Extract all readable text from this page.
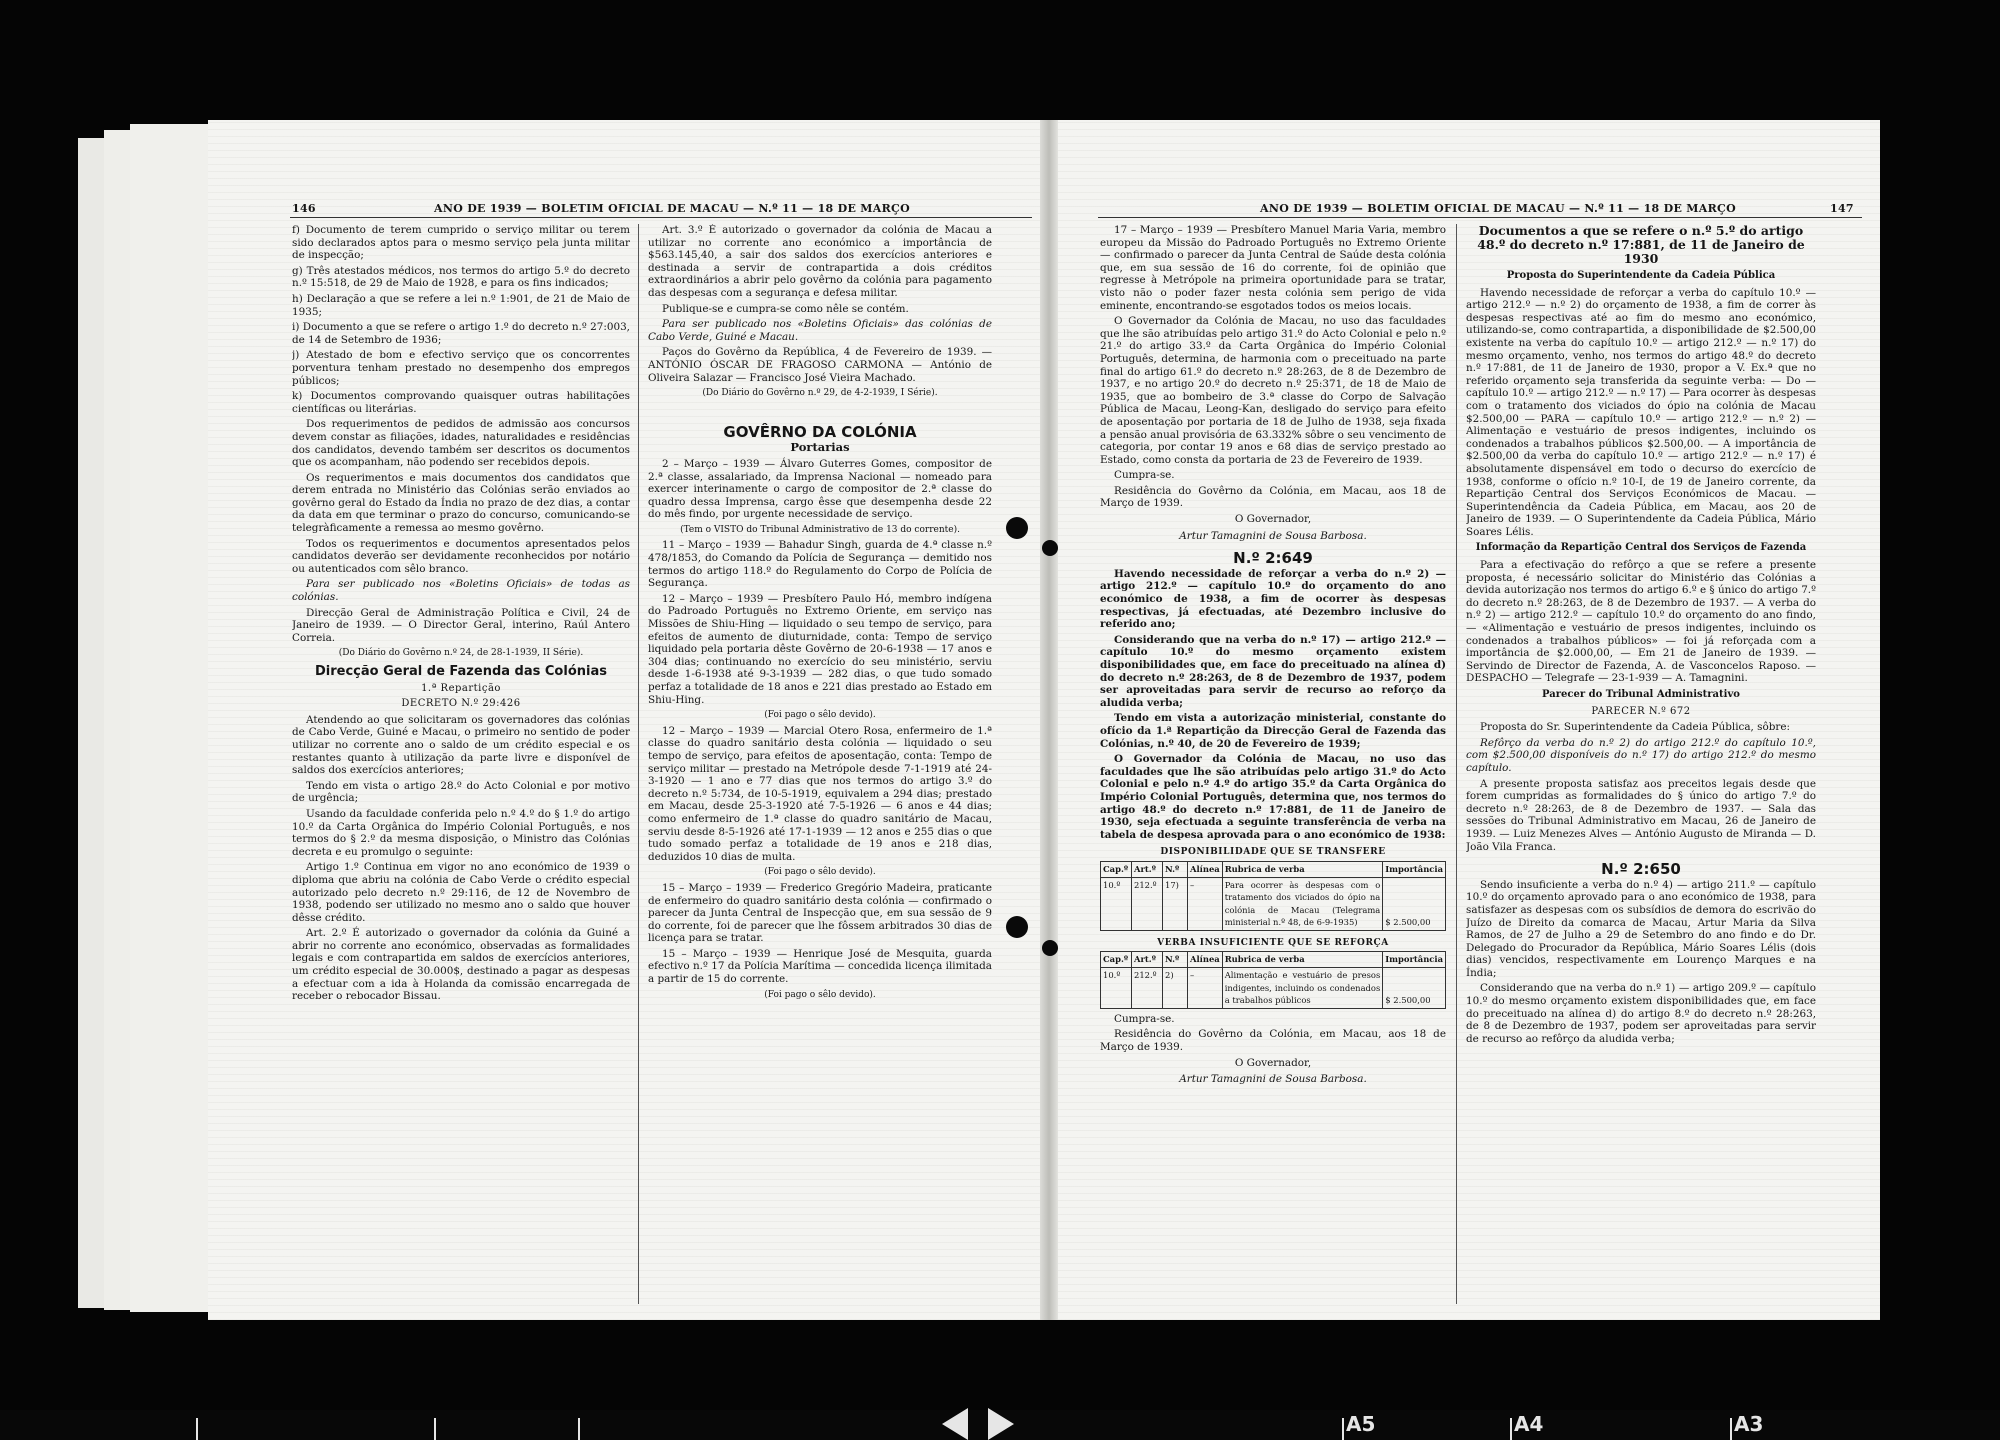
146	ANO DE 1939 — BOLETIM OFICIAL DE MACAU — N.º 11 — 18 DE MARÇO

f) Documento de terem cumprido o serviço militar ou terem sido declarados aptos para o mesmo serviço pela junta militar de inspecção;

g) Três atestados médicos, nos termos do artigo 5.º do decreto n.º 15:518, de 29 de Maio de 1928, e para os fins indicados;

h) Declaração a que se refere a lei n.º 1:901, de 21 de Maio de 1935;

i) Documento a que se refere o artigo 1.º do decreto n.º 27:003, de 14 de Setembro de 1936;

j) Atestado de bom e efectivo serviço que os concorrentes porventura tenham prestado no desempenho dos empregos públicos;

k) Documentos comprovando quaisquer outras habilitações científicas ou literárias.

Dos requerimentos de pedidos de admissão aos concursos devem constar as filiações, idades, naturalidades e residências dos candidatos, devendo também ser descritos os documentos que os acompanham, não podendo ser recebidos depois.

Os requerimentos e mais documentos dos candidatos que derem entrada no Ministério das Colónias serão enviados ao govêrno geral do Estado da Índia no prazo de dez dias, a contar da data em que terminar o prazo do concurso, comunicando-se telegràficamente a remessa ao mesmo govêrno.

Todos os requerimentos e documentos apresentados pelos candidatos deverão ser devidamente reconhecidos por notário ou autenticados com sêlo branco.

Para ser publicado nos «Boletins Oficiais» de todas as colónias.

Direcção Geral de Administração Política e Civil, 24 de Janeiro de 1939. — O Director Geral, interino, Raúl Antero Correia.

(Do Diário do Govêrno n.º 24, de 28-1-1939, II Série).

Direcção Geral de Fazenda das Colónias
1.ª Repartição
DECRETO N.º 29:426

Atendendo ao que solicitaram os governadores das colónias de Cabo Verde, Guiné e Macau, o primeiro no sentido de poder utilizar no corrente ano o saldo de um crédito especial e os restantes quanto à utilização da parte livre e disponível de saldos dos exercícios anteriores;

Tendo em vista o artigo 28.º do Acto Colonial e por motivo de urgência;

Usando da faculdade conferida pelo n.º 4.º do § 1.º do artigo 10.º da Carta Orgânica do Império Colonial Português, e nos termos do § 2.º da mesma disposição, o Ministro das Colónias decreta e eu promulgo o seguinte:

Artigo 1.º Continua em vigor no ano económico de 1939 o diploma que abriu na colónia de Cabo Verde o crédito especial autorizado pelo decreto n.º 29:116, de 12 de Novembro de 1938, podendo ser utilizado no mesmo ano o saldo que houver dêsse crédito.

Art. 2.º É autorizado o governador da colónia da Guiné a abrir no corrente ano económico, observadas as formalidades legais e com contrapartida em saldos de exercícios anteriores, um crédito especial de 30.000$, destinado a pagar as despesas a efectuar com a ida à Holanda da comissão encarregada de receber o rebocador Bissau.

Art. 3.º É autorizado o governador da colónia de Macau a utilizar no corrente ano económico a importância de $563.145,40, a sair dos saldos dos exercícios anteriores e destinada a servir de contrapartida a dois créditos extraordinários a abrir pelo govêrno da colónia para pagamento das despesas com a segurança e defesa militar.

Publique-se e cumpra-se como nêle se contém.

Para ser publicado nos «Boletins Oficiais» das colónias de Cabo Verde, Guiné e Macau.

Paços do Govêrno da República, 4 de Fevereiro de 1939. — ANTÓNIO ÓSCAR DE FRAGOSO CARMONA — António de Oliveira Salazar — Francisco José Vieira Machado.

(Do Diário do Govêrno n.º 29, de 4-2-1939, I Série).

GOVÊRNO DA COLÓNIA
Portarias

2 – Março – 1939 — Álvaro Guterres Gomes, compositor de 2.ª classe, assalariado, da Imprensa Nacional — nomeado para exercer interinamente o cargo de compositor de 2.ª classe do quadro dessa Imprensa, cargo êsse que desempenha desde 22 do mês findo, por urgente necessidade de serviço.

(Tem o VISTO do Tribunal Administrativo de 13 do corrente).

11 – Março – 1939 — Bahadur Singh, guarda de 4.ª classe n.º 478/1853, do Comando da Polícia de Segurança — demitido nos termos do artigo 118.º do Regulamento do Corpo de Polícia de Segurança.

12 – Março – 1939 — Presbítero Paulo Hó, membro indígena do Padroado Português no Extremo Oriente, em serviço nas Missões de Shiu-Hing — liquidado o seu tempo de serviço, para efeitos de aumento de diuturnidade, conta: Tempo de serviço liquidado pela portaria dêste Govêrno de 20-6-1938 — 17 anos e 304 dias; continuando no exercício do seu ministério, serviu desde 1-6-1938 até 9-3-1939 — 282 dias, o que tudo somado perfaz a totalidade de 18 anos e 221 dias prestado ao Estado em Shiu-Hing.

(Foi pago o sêlo devido).

12 – Março – 1939 — Marcial Otero Rosa, enfermeiro de 1.ª classe do quadro sanitário desta colónia — liquidado o seu tempo de serviço, para efeitos de aposentação, conta: Tempo de serviço militar — prestado na Metrópole desde 7-1-1919 até 24-3-1920 — 1 ano e 77 dias que nos termos do artigo 3.º do decreto n.º 5:734, de 10-5-1919, equivalem a 294 dias; prestado em Macau, desde 25-3-1920 até 7-5-1926 — 6 anos e 44 dias; como enfermeiro de 1.ª classe do quadro sanitário de Macau, serviu desde 8-5-1926 até 17-1-1939 — 12 anos e 255 dias o que tudo somado perfaz a totalidade de 19 anos e 218 dias, deduzidos 10 dias de multa.

(Foi pago o sêlo devido).

15 – Março – 1939 — Frederico Gregório Madeira, praticante de enfermeiro do quadro sanitário desta colónia — confirmado o parecer da Junta Central de Inspecção que, em sua sessão de 9 do corrente, foi de parecer que lhe fôssem arbitrados 30 dias de licença para se tratar.

15 – Março – 1939 — Henrique José de Mesquita, guarda efectivo n.º 17 da Polícia Marítima — concedida licença ilimitada a partir de 15 do corrente.

(Foi pago o sêlo devido).

ANO DE 1939 — BOLETIM OFICIAL DE MACAU — N.º 11 — 18 DE MARÇO	147

17 – Março – 1939 — Presbítero Manuel Maria Varia, membro europeu da Missão do Padroado Português no Extremo Oriente — confirmado o parecer da Junta Central de Saúde desta colónia que, em sua sessão de 16 do corrente, foi de opinião que regresse à Metrópole na primeira oportunidade para se tratar, visto não o poder fazer nesta colónia sem perigo de vida eminente, encontrando-se esgotados todos os meios locais.

O Governador da Colónia de Macau, no uso das faculdades que lhe são atribuídas pelo artigo 31.º do Acto Colonial e pelo n.º 21.º do artigo 33.º da Carta Orgânica do Império Colonial Português, determina, de harmonia com o preceituado na parte final do artigo 61.º do decreto n.º 28:263, de 8 de Dezembro de 1937, e no artigo 20.º do decreto n.º 25:371, de 18 de Maio de 1935, que ao bombeiro de 3.ª classe do Corpo de Salvação Pública de Macau, Leong-Kan, desligado do serviço para efeito de aposentação por portaria de 18 de Julho de 1938, seja fixada a pensão anual provisória de 63.332% sôbre o seu vencimento de categoria, por contar 19 anos e 68 dias de serviço prestado ao Estado, como consta da portaria de 23 de Fevereiro de 1939.

Cumpra-se.

Residência do Govêrno da Colónia, em Macau, aos 18 de Março de 1939.

O Governador,

Artur Tamagnini de Sousa Barbosa.

N.º 2:649

Havendo necessidade de reforçar a verba do n.º 2) — artigo 212.º — capítulo 10.º do orçamento do ano económico de 1938, a fim de ocorrer às despesas respectivas, já efectuadas, até Dezembro inclusive do referido ano;

Considerando que na verba do n.º 17) — artigo 212.º — capítulo 10.º do mesmo orçamento existem disponibilidades que, em face do preceituado na alínea d) do decreto n.º 28:263, de 8 de Dezembro de 1937, podem ser aproveitadas para servir de recurso ao reforço da aludida verba;

Tendo em vista a autorização ministerial, constante do ofício da 1.ª Repartição da Direcção Geral de Fazenda das Colónias, n.º 40, de 20 de Fevereiro de 1939;

O Governador da Colónia de Macau, no uso das faculdades que lhe são atribuídas pelo artigo 31.º do Acto Colonial e pelo n.º 4.º do artigo 35.º da Carta Orgânica do Império Colonial Português, determina que, nos termos do artigo 48.º do decreto n.º 17:881, de 11 de Janeiro de 1930, seja efectuada a seguinte transferência de verba na tabela de despesa aprovada para o ano económico de 1938:

DISPONIBILIDADE QUE SE TRANSFERE
Cap.º	Art.º	N.º	Alínea	Rubrica de verba	Importância
10.º	212.º	17)	–	Para ocorrer às despesas com o tratamento dos viciados do ópio na colónia de Macau (Telegrama ministerial n.º 48, de 6-9-1935)	$ 2.500,00
VERBA INSUFICIENTE QUE SE REFORÇA
Cap.º	Art.º	N.º	Alínea	Rubrica de verba	Importância
10.º	212.º	2)	–	Alimentação e vestuário de presos indigentes, incluindo os condenados a trabalhos públicos	$ 2.500,00

Cumpra-se.

Residência do Govêrno da Colónia, em Macau, aos 18 de Março de 1939.

O Governador,

Artur Tamagnini de Sousa Barbosa.

Documentos a que se refere o n.º 5.º do artigo 48.º do decreto n.º 17:881, de 11 de Janeiro de 1930
Proposta do Superintendente da Cadeia Pública

Havendo necessidade de reforçar a verba do capítulo 10.º — artigo 212.º — n.º 2) do orçamento de 1938, a fim de correr às despesas respectivas até ao fim do mesmo ano económico, utilizando-se, como contrapartida, a disponibilidade de $2.500,00 existente na verba do capítulo 10.º — artigo 212.º — n.º 17) do mesmo orçamento, venho, nos termos do artigo 48.º do decreto n.º 17:881, de 11 de Janeiro de 1930, propor a V. Ex.ª que no referido orçamento seja transferida da seguinte verba: — Do — capítulo 10.º — artigo 212.º — n.º 17) — Para ocorrer às despesas com o tratamento dos viciados do ópio na colónia de Macau $2.500,00 — PARA — capítulo 10.º — artigo 212.º — n.º 2) — Alimentação e vestuário de presos indigentes, incluindo os condenados a trabalhos públicos $2.500,00. — A importância de $2.500,00 da verba do capítulo 10.º — artigo 212.º — n.º 17) é absolutamente dispensável em todo o decurso do exercício de 1938, conforme o ofício n.º 10-I, de 19 de Janeiro corrente, da Repartição Central dos Serviços Económicos de Macau. — Superintendência da Cadeia Pública, em Macau, aos 20 de Janeiro de 1939. — O Superintendente da Cadeia Pública, Mário Soares Lélis.

Informação da Repartição Central dos Serviços de Fazenda

Para a efectivação do refôrço a que se refere a presente proposta, é necessário solicitar do Ministério das Colónias a devida autorização nos termos do artigo 6.º e § único do artigo 7.º do decreto n.º 28:263, de 8 de Dezembro de 1937. — A verba do n.º 2) — artigo 212.º — capítulo 10.º do orçamento do ano findo, — «Alimentação e vestuário de presos indigentes, incluindo os condenados a trabalhos públicos» — foi já reforçada com a importância de $2.000,00, — Em 21 de Janeiro de 1939. — Servindo de Director de Fazenda, A. de Vasconcelos Raposo. — DESPACHO — Telegrafe — 23-1-939 — A. Tamagnini.

Parecer do Tribunal Administrativo
PARECER N.º 672

Proposta do Sr. Superintendente da Cadeia Pública, sôbre:

Refôrço da verba do n.º 2) do artigo 212.º do capítulo 10.º, com $2.500,00 disponíveis do n.º 17) do artigo 212.º do mesmo capítulo.

A presente proposta satisfaz aos preceitos legais desde que forem cumpridas as formalidades do § único do artigo 7.º do decreto n.º 28:263, de 8 de Dezembro de 1937. — Sala das sessões do Tribunal Administrativo em Macau, 26 de Janeiro de 1939. — Luiz Menezes Alves — António Augusto de Miranda — D. João Vila Franca.

N.º 2:650

Sendo insuficiente a verba do n.º 4) — artigo 211.º — capítulo 10.º do orçamento aprovado para o ano económico de 1938, para satisfazer as despesas com os subsídios de demora do escrivão do Juízo de Direito da comarca de Macau, Artur Maria da Silva Ramos, de 27 de Julho a 29 de Setembro do ano findo e do Dr. Delegado do Procurador da República, Mário Soares Lélis (dois dias) vencidos, respectivamente em Lourenço Marques e na Índia;

Considerando que na verba do n.º 1) — artigo 209.º — capítulo 10.º do mesmo orçamento existem disponibilidades que, em face do preceituado na alínea d) do artigo 8.º do decreto n.º 28:263, de 8 de Dezembro de 1937, podem ser aproveitadas para servir de recurso ao refôrço da aludida verba;

A5	A4	A3
